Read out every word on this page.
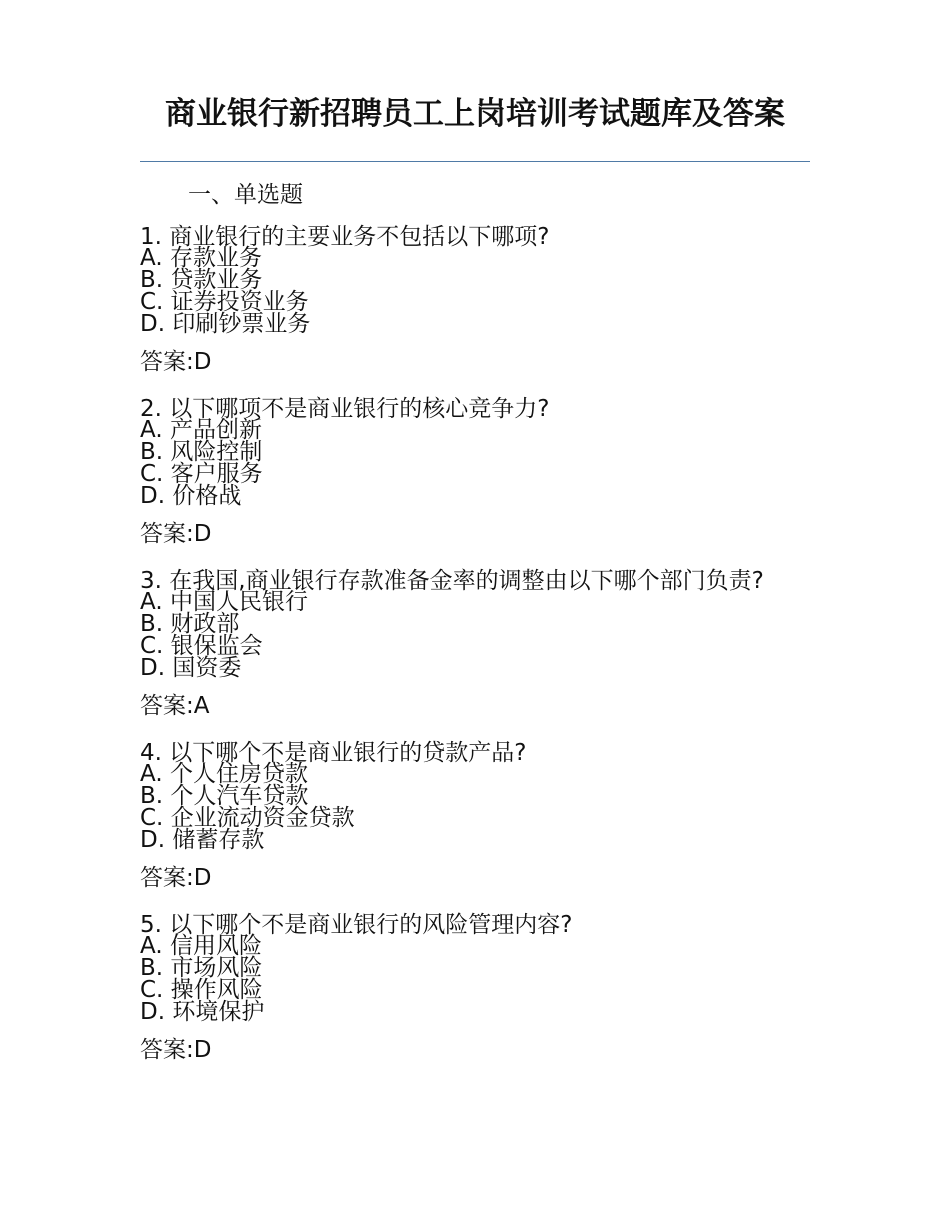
商业银行新招聘员工上岗培训考试题库及答案
一、单选题
1. 商业银行的主要业务不包括以下哪项?
A. 存款业务
B. 贷款业务
C. 证券投资业务
D. 印刷钞票业务
答案:D
2. 以下哪项不是商业银行的核心竞争力?
A. 产品创新
B. 风险控制
C. 客户服务
D. 价格战
答案:D
3. 在我国,商业银行存款准备金率的调整由以下哪个部门负责?
A. 中国人民银行
B. 财政部
C. 银保监会
D. 国资委
答案:A
4. 以下哪个不是商业银行的贷款产品?
A. 个人住房贷款
B. 个人汽车贷款
C. 企业流动资金贷款
D. 储蓄存款
答案:D
5. 以下哪个不是商业银行的风险管理内容?
A. 信用风险
B. 市场风险
C. 操作风险
D. 环境保护
答案:D
